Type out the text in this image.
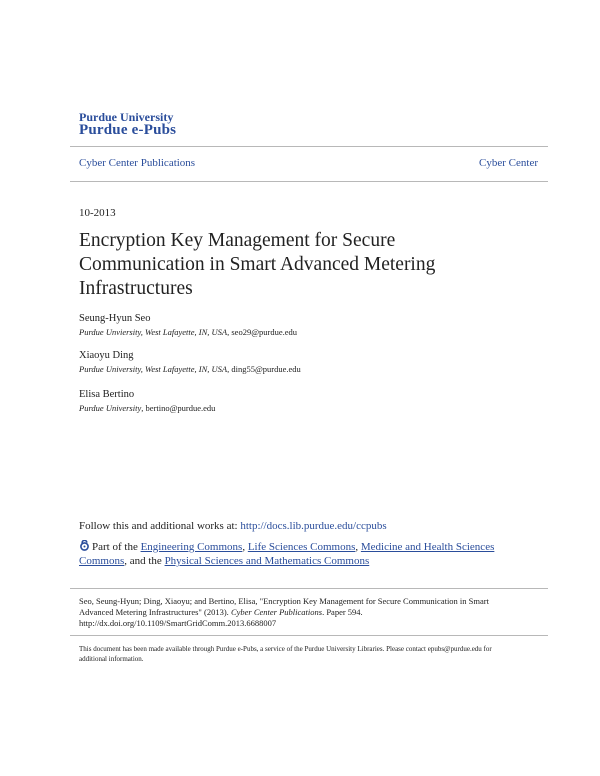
Purdue University
Purdue e-Pubs
Cyber Center Publications	Cyber Center
10-2013
Encryption Key Management for Secure Communication in Smart Advanced Metering Infrastructures
Seung-Hyun Seo
Purdue Unviersity, West Lafayette, IN, USA, seo29@purdue.edu
Xiaoyu Ding
Purdue University, West Lafayette, IN, USA, ding55@purdue.edu
Elisa Bertino
Purdue University, bertino@purdue.edu
Follow this and additional works at: http://docs.lib.purdue.edu/ccpubs
Part of the Engineering Commons, Life Sciences Commons, Medicine and Health Sciences Commons, and the Physical Sciences and Mathematics Commons
Seo, Seung-Hyun; Ding, Xiaoyu; and Bertino, Elisa, "Encryption Key Management for Secure Communication in Smart Advanced Metering Infrastructures" (2013). Cyber Center Publications. Paper 594.
http://dx.doi.org/10.1109/SmartGridComm.2013.6688007
This document has been made available through Purdue e-Pubs, a service of the Purdue University Libraries. Please contact epubs@purdue.edu for additional information.
